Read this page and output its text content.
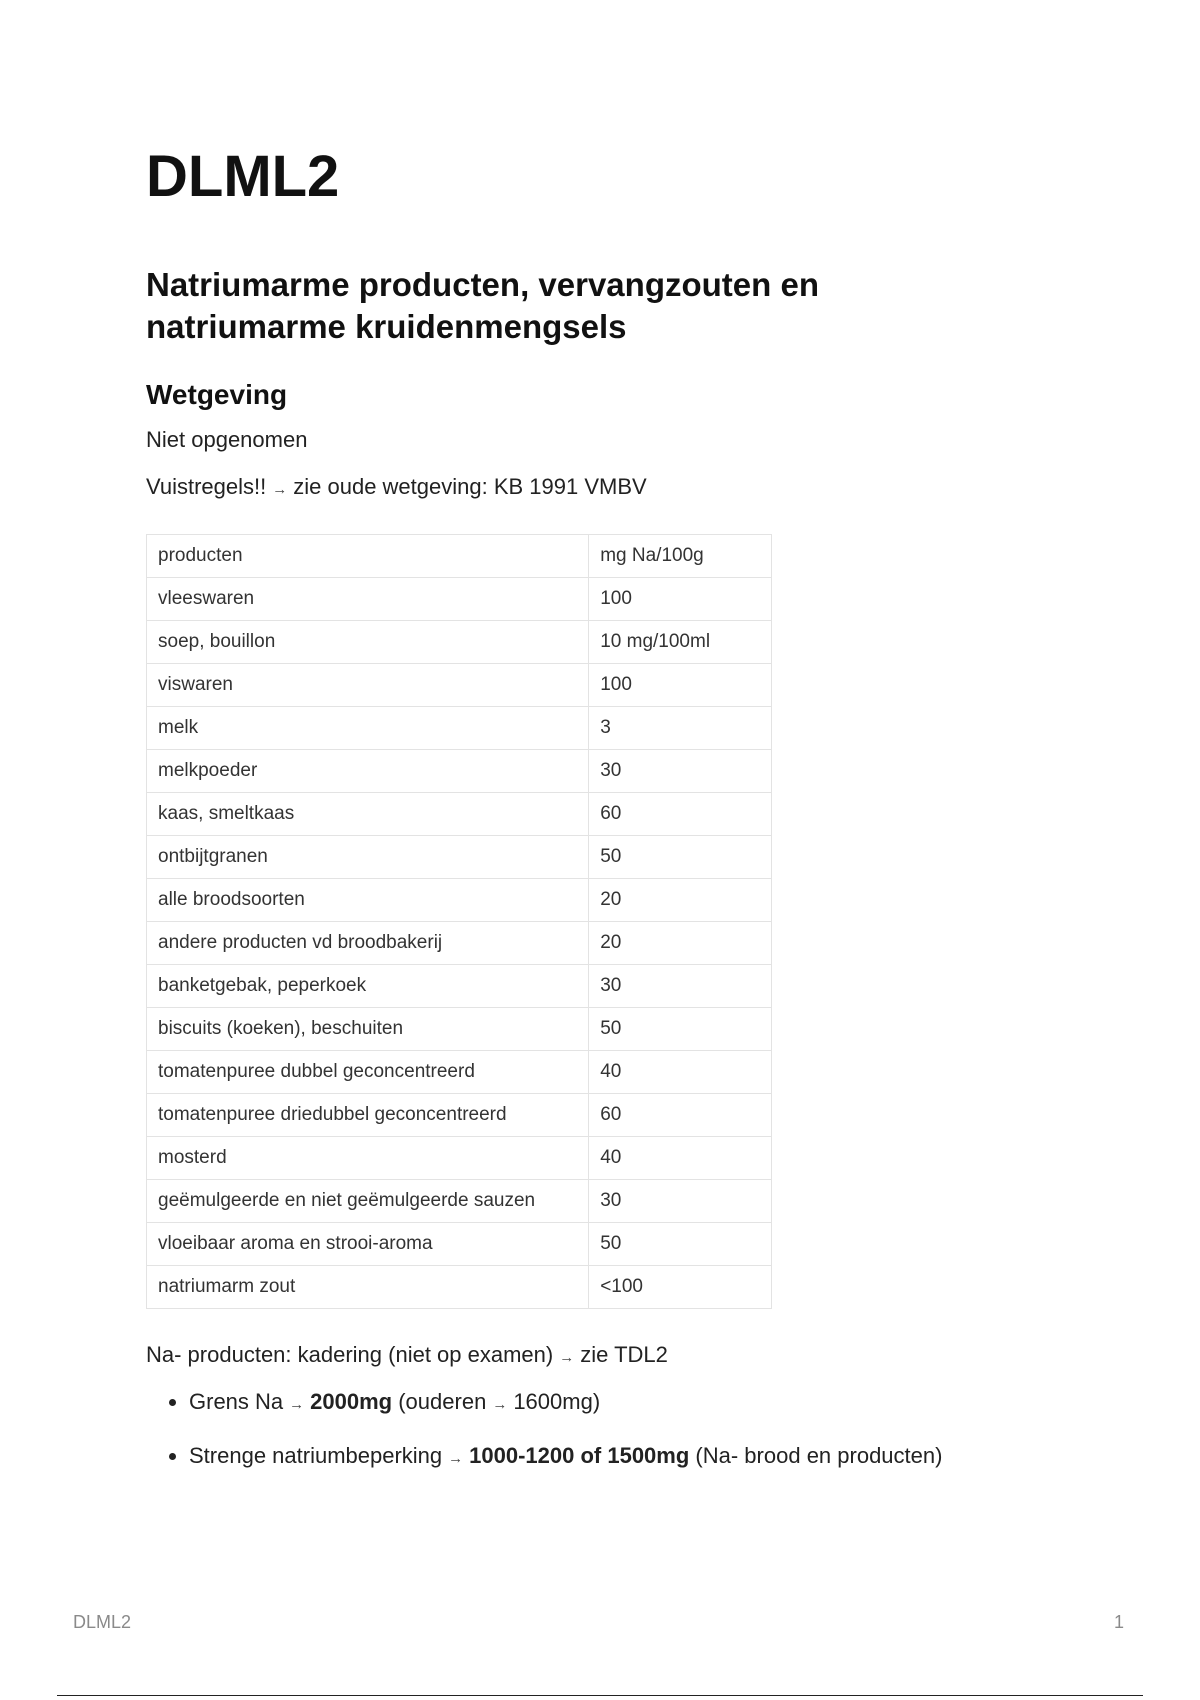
DLML2
Natriumarme producten, vervangzouten en natriumarme kruidenmengsels
Wetgeving

Niet opgenomen

Vuistregels!! → zie oude wetgeving: KB 1991 VMBV

producten	mg Na/100g
vleeswaren	100
soep, bouillon	10 mg/100ml
viswaren	100
melk	3
melkpoeder	30
kaas, smeltkaas	60
ontbijtgranen	50
alle broodsoorten	20
andere producten vd broodbakerij	20
banketgebak, peperkoek	30
biscuits (koeken), beschuiten	50
tomatenpuree dubbel geconcentreerd	40
tomatenpuree driedubbel geconcentreerd	60
mosterd	40
geëmulgeerde en niet geëmulgeerde sauzen	30
vloeibaar aroma en strooi-aroma	50
natriumarm zout	<100

Na- producten: kadering (niet op examen) → zie TDL2

• Grens Na → 2000mg (ouderen → 1600mg)
• Strenge natriumbeperking → 1000-1200 of 1500mg (Na- brood en producten)
DLML2	1
